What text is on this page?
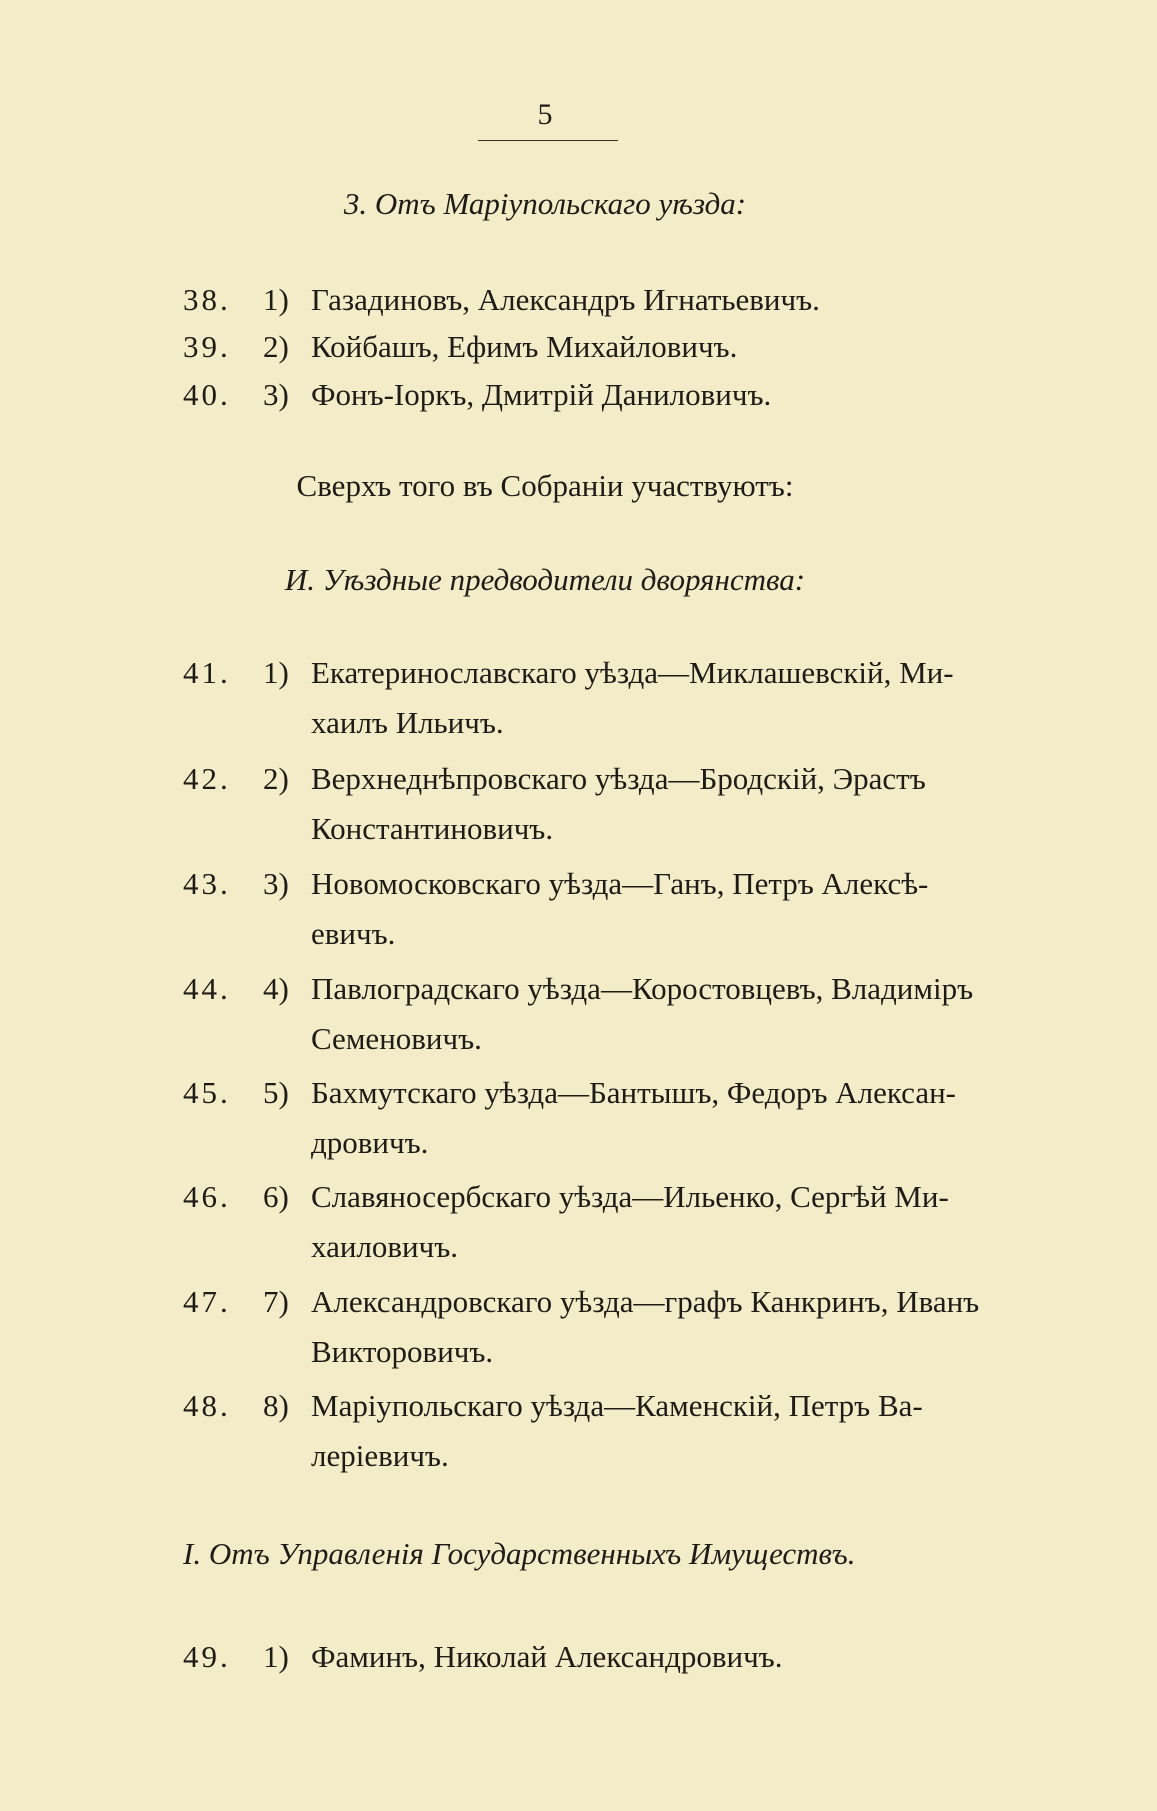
5
3. Отъ Маріупольскаго уѣзда:
38.	1) Газадиновъ, Александръ Игнатьевичъ.
39.	2) Койбашъ, Ефимъ Михайловичъ.
40.	3) Фонъ-Іоркъ, Дмитрій Даниловичъ.
Сверхъ того въ Собраніи участвуютъ:
И. Уѣздные предводители дворянства:
41.	1) Екатеринославскаго уѣзда—Миклашевскій, Ми-
хаилъ Ильичъ.
42.	2) Верхнеднѣпровскаго уѣзда—Бродскій, Эрастъ
Константиновичъ.
43.	3) Новомосковскаго уѣзда—Ганъ, Петръ Алексѣ-
евичъ.
44.	4) Павлоградскаго уѣзда—Коростовцевъ, Владиміръ
Семеновичъ.
45.	5) Бахмутскаго уѣзда—Бантышъ, Федоръ Алексан-
дровичъ.
46.	6) Славяносербскаго уѣзда—Ильенко, Сергѣй Ми-
хаиловичъ.
47.	7) Александровскаго уѣзда—графъ Канкринъ, Иванъ
Викторовичъ.
48.	8) Маріупольскаго уѣзда—Каменскій, Петръ Ва-
леріевичъ.
І. Отъ Управленія Государственныхъ Имуществъ.
49.	1) Фаминъ, Николай Александровичъ.
